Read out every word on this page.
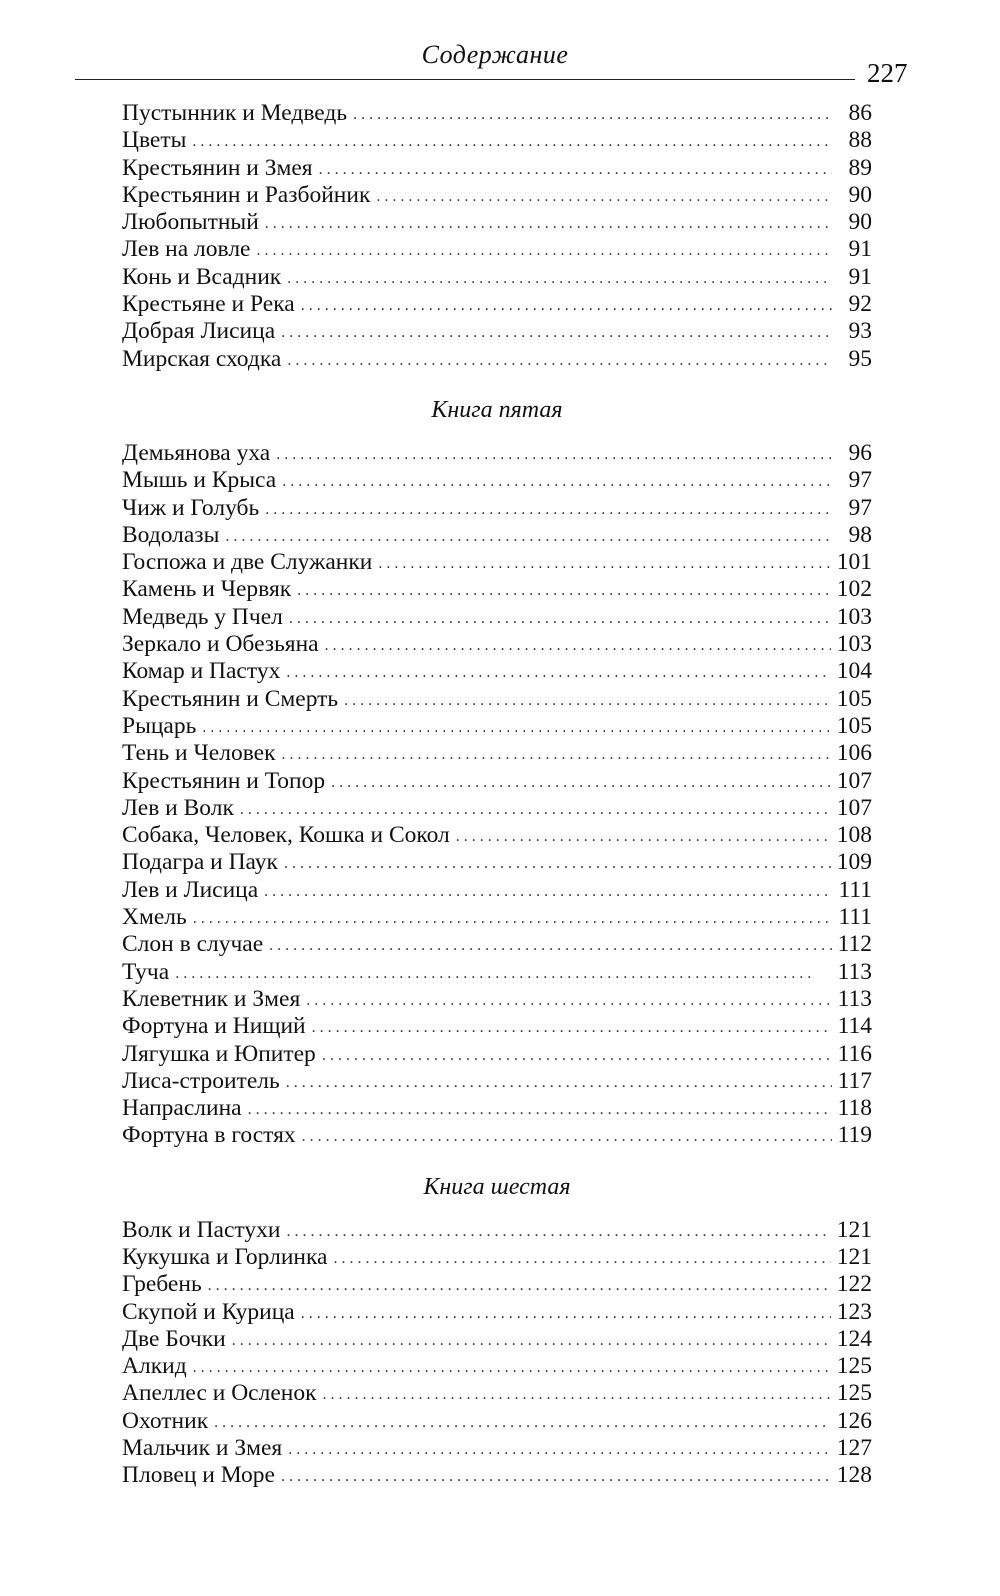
Содержание
227
Пустынник и Медведь . . .	86
Цветы . . .	88
Крестьянин и Змея . . .	89
Крестьянин и Разбойник . . .	90
Любопытный . . .	90
Лев на ловле . . .	91
Конь и Всадник . . .	91
Крестьяне и Река . . .	92
Добрая Лисица . . .	93
Мирская сходка . . .	95
Книга пятая
Демьянова уха . . .	96
Мышь и Крыса . . .	97
Чиж и Голубь . . .	97
Водолазы . . .	98
Госпожа и две Служанки . . .	101
Камень и Червяк . . .	102
Медведь у Пчел . . .	103
Зеркало и Обезьяна . . .	103
Комар и Пастух . . .	104
Крестьянин и Смерть . . .	105
Рыцарь . . .	105
Тень и Человек . . .	106
Крестьянин и Топор . . .	107
Лев и Волк . . .	107
Собака, Человек, Кошка и Сокол . . .	108
Подагра и Паук . . .	109
Лев и Лисица . . .	111
Хмель . . .	111
Слон в случае . . .	112
Туча . . .	113
Клеветник и Змея . . .	113
Фортуна и Нищий . . .	114
Лягушка и Юпитер . . .	116
Лиса-строитель . . .	117
Напраслина . . .	118
Фортуна в гостях . . .	119
Книга шестая
Волк и Пастухи . . .	121
Кукушка и Горлинка . . .	121
Гребень . . .	122
Скупой и Курица . . .	123
Две Бочки . . .	124
Алкид . . .	125
Апеллес и Осленок . . .	125
Охотник . . .	126
Мальчик и Змея . . .	127
Пловец и Море . . .	128
